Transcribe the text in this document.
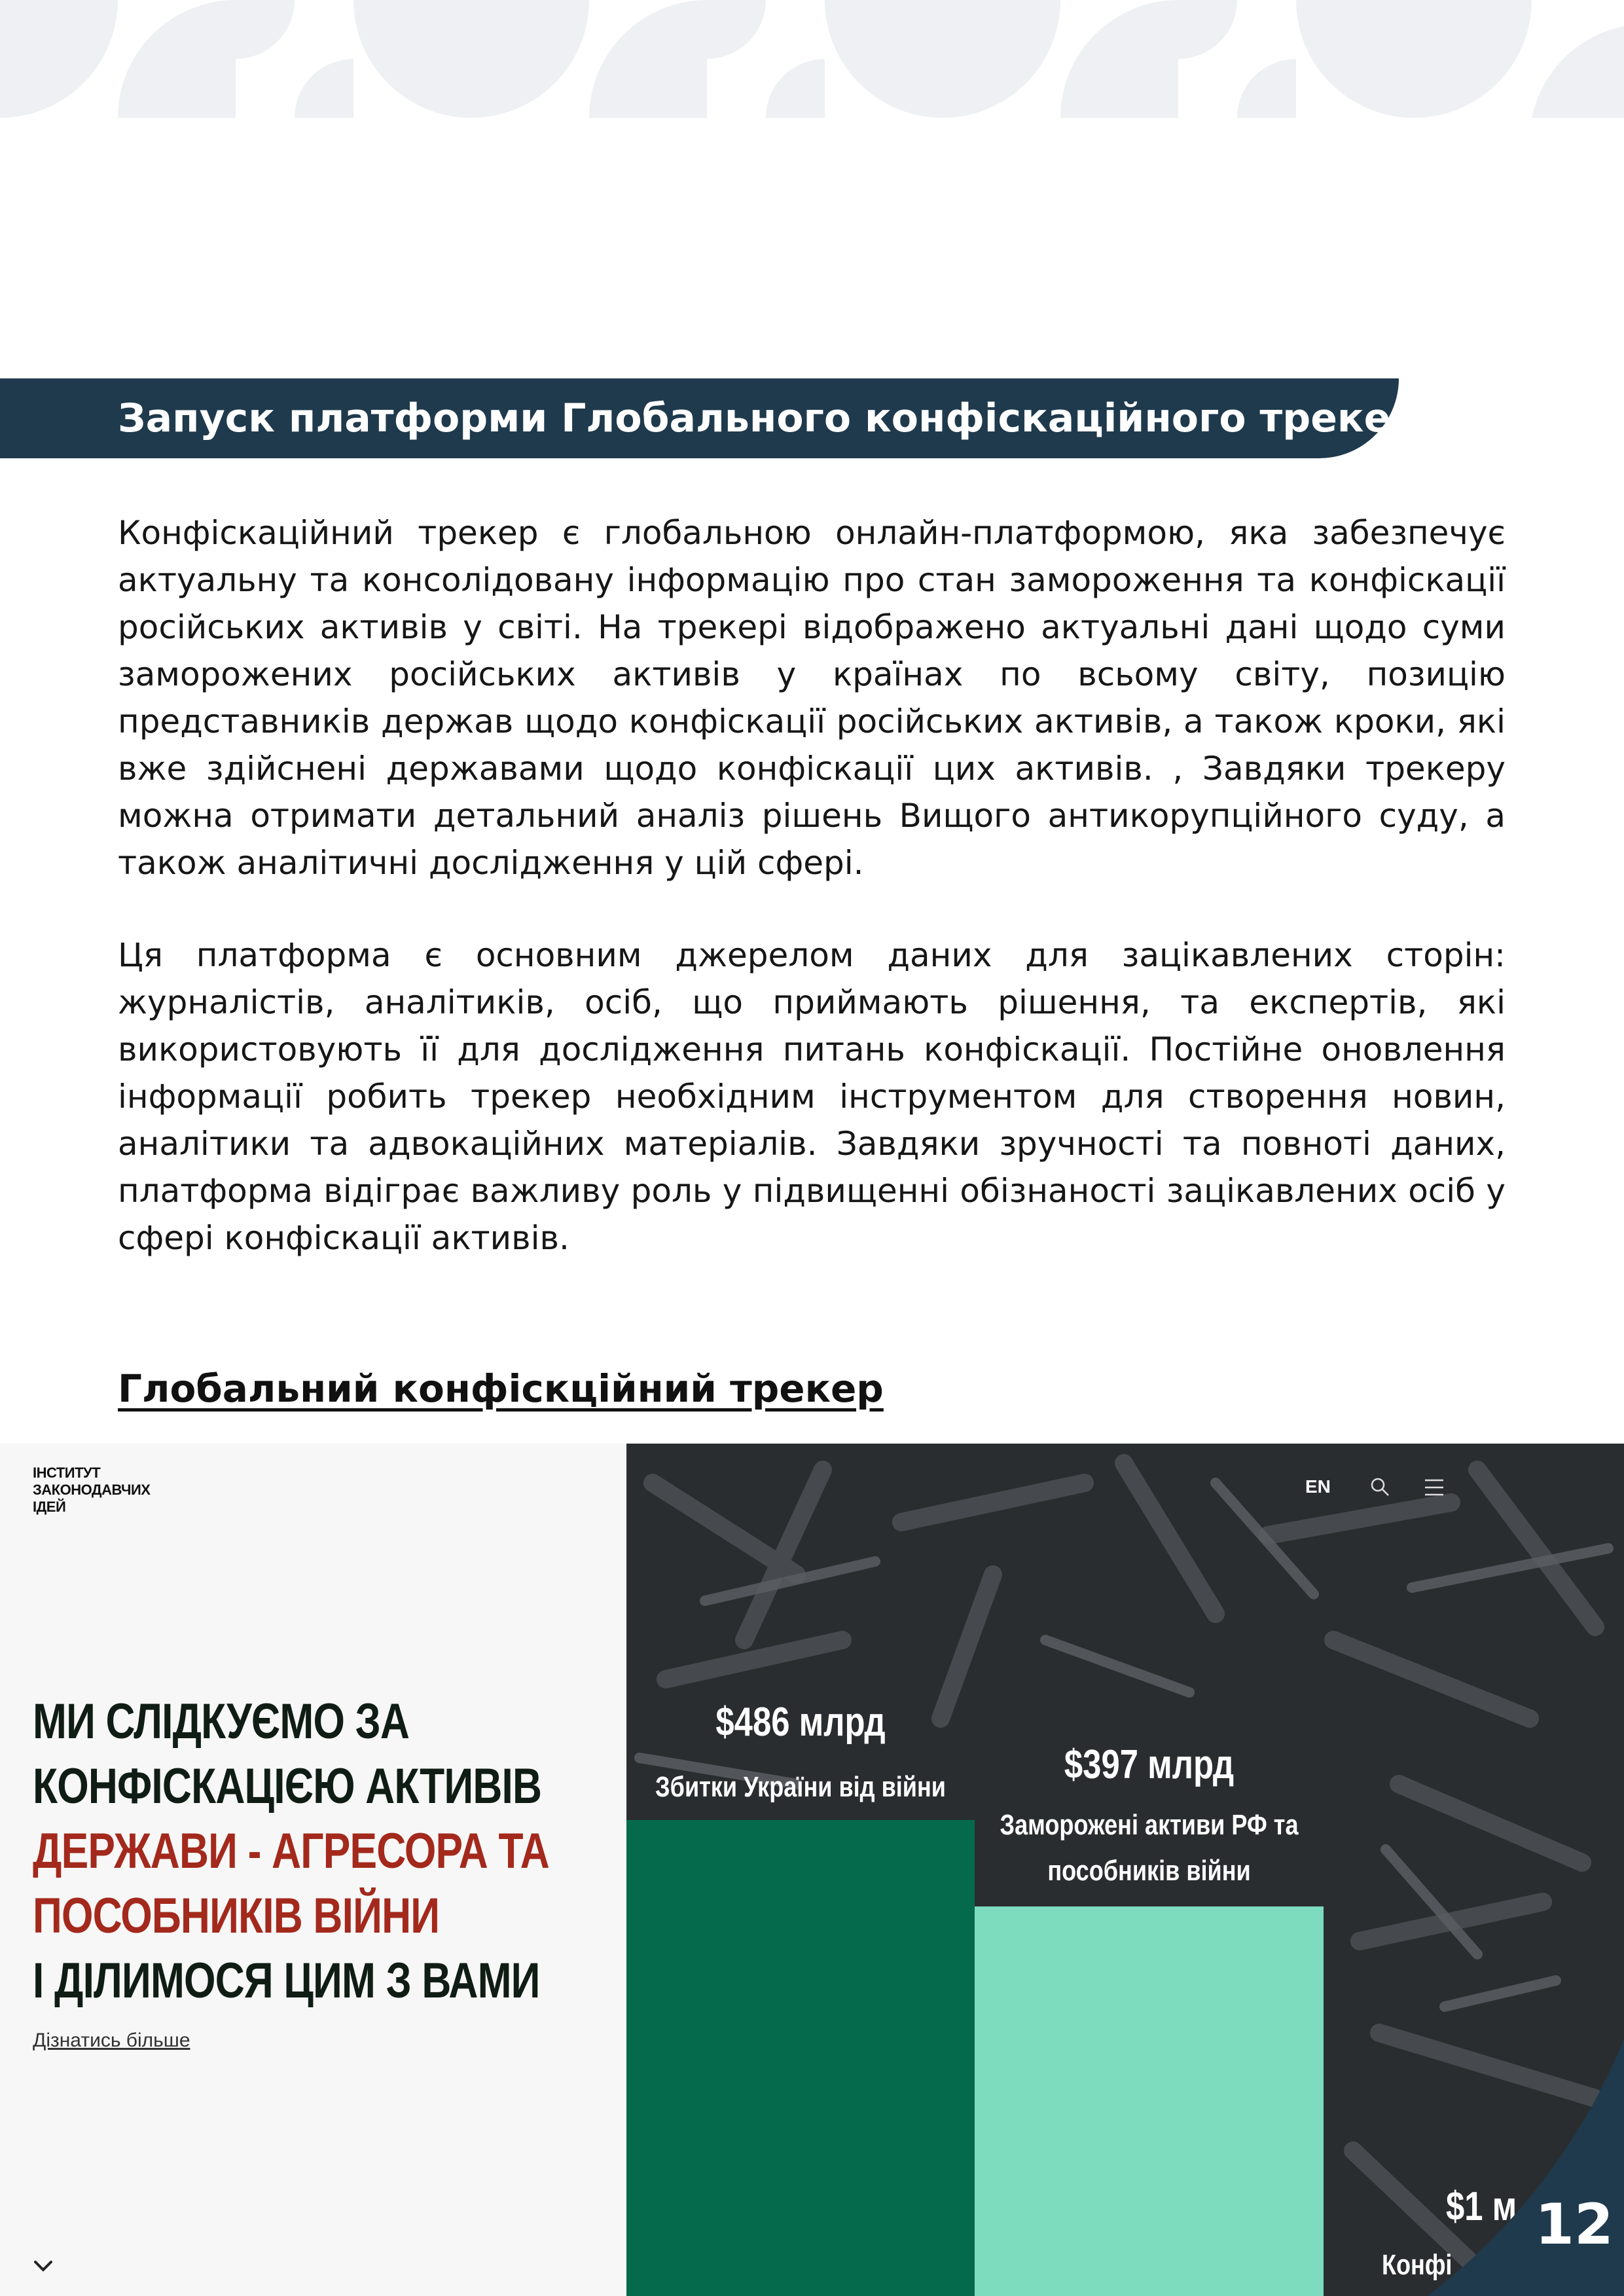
Запуск платформи Глобального конфіскаційного трекера

Конфіскаційний трекер є глобальною онлайн-платформою, яка забезпечує актуальну та консолідовану інформацію про стан замороження та конфіскації російських активів у світі. На трекері відображено актуальні дані щодо суми заморожених російських активів у країнах по всьому світу, позицію представників держав щодо конфіскації російських активів, а також кроки, які вже здійснені державами щодо конфіскації цих активів. , Завдяки трекеру можна отримати детальний аналіз рішень Вищого антикорупційного суду, а також аналітичні дослідження у цій сфері.

Ця платформа є основним джерелом даних для зацікавлених сторін: журналістів, аналітиків, осіб, що приймають рішення, та експертів, які використовують її для дослідження питань конфіскації. Постійне оновлення інформації робить трекер необхідним інструментом для створення новин, аналітики та адвокаційних матеріалів. Завдяки зручності та повноті даних, платформа відіграє важливу роль у підвищенні обізнаності зацікавлених осіб у сфері конфіскації активів.

Глобальний конфіскційний трекер
ІНСТИТУТ
ЗАКОНОДАВЧИХ
ІДЕЙ
МИ СЛІДКУЄМО ЗА
КОНФІСКАЦІЄЮ АКТИВІВ
ДЕРЖАВИ - АГРЕСОРА ТА
ПОСОБНИКІВ ВІЙНИ
І ДІЛИМОСЯ ЦИМ З ВАМИ
Дізнатись більше
EN
$486 млрд
Збитки України від війни	$397 млрд
Заморожені активи РФ та пособників війни
$1 м
Конфі
12
